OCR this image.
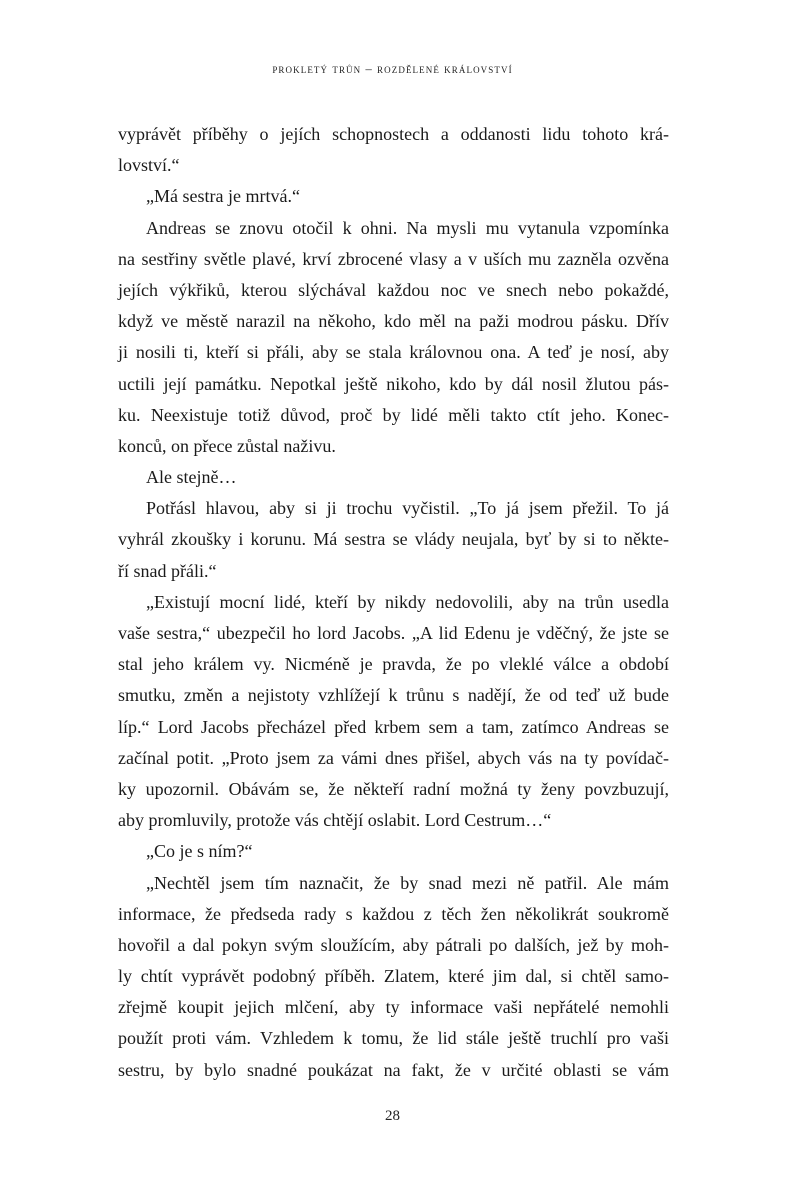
prokletý trůn – rozdělené království
vyprávět příběhy o jejích schopnostech a oddanosti lidu tohoto krá-
lovství.“
„Má sestra je mrtvá.“
Andreas se znovu otočil k ohni. Na mysli mu vytanula vzpomínka
na sestřiny světle plavé, krví zbrocené vlasy a v uších mu zazněla ozvěna
jejích výkřiků, kterou slýchával každou noc ve snech nebo pokaždé,
když ve městě narazil na někoho, kdo měl na paži modrou pásku. Dřív
ji nosili ti, kteří si přáli, aby se stala královnou ona. A teď je nosí, aby
uctili její památku. Nepotkal ještě nikoho, kdo by dál nosil žlutou pás-
ku. Neexistuje totiž důvod, proč by lidé měli takto ctít jeho. Konec-
konců, on přece zůstal naživu.
Ale stejně…
Potřásl hlavou, aby si ji trochu vyčistil. „To já jsem přežil. To já
vyhrál zkoušky i korunu. Má sestra se vlády neujala, byť by si to někte-
ří snad přáli.“
„Existují mocní lidé, kteří by nikdy nedovolili, aby na trůn usedla
vaše sestra,“ ubezpečil ho lord Jacobs. „A lid Edenu je vděčný, že jste se
stal jeho králem vy. Nicméně je pravda, že po vleklé válce a období
smutku, změn a nejistoty vzhlížejí k trůnu s nadějí, že od teď už bude
líp.“ Lord Jacobs přecházel před krbem sem a tam, zatímco Andreas se
začínal potit. „Proto jsem za vámi dnes přišel, abych vás na ty povídač-
ky upozornil. Obávám se, že někteří radní možná ty ženy povzbuzují,
aby promluvily, protože vás chtějí oslabit. Lord Cestrum…“
„Co je s ním?“
„Nechtěl jsem tím naznačit, že by snad mezi ně patřil. Ale mám
informace, že předseda rady s každou z těch žen několikrát soukromě
hovořil a dal pokyn svým sloužícím, aby pátrali po dalších, jež by moh-
ly chtít vyprávět podobný příběh. Zlatem, které jim dal, si chtěl samo-
zřejmě koupit jejich mlčení, aby ty informace vaši nepřátelé nemohli
použít proti vám. Vzhledem k tomu, že lid stále ještě truchlí pro vaši
sestru, by bylo snadné poukázat na fakt, že v určité oblasti se vám
28
